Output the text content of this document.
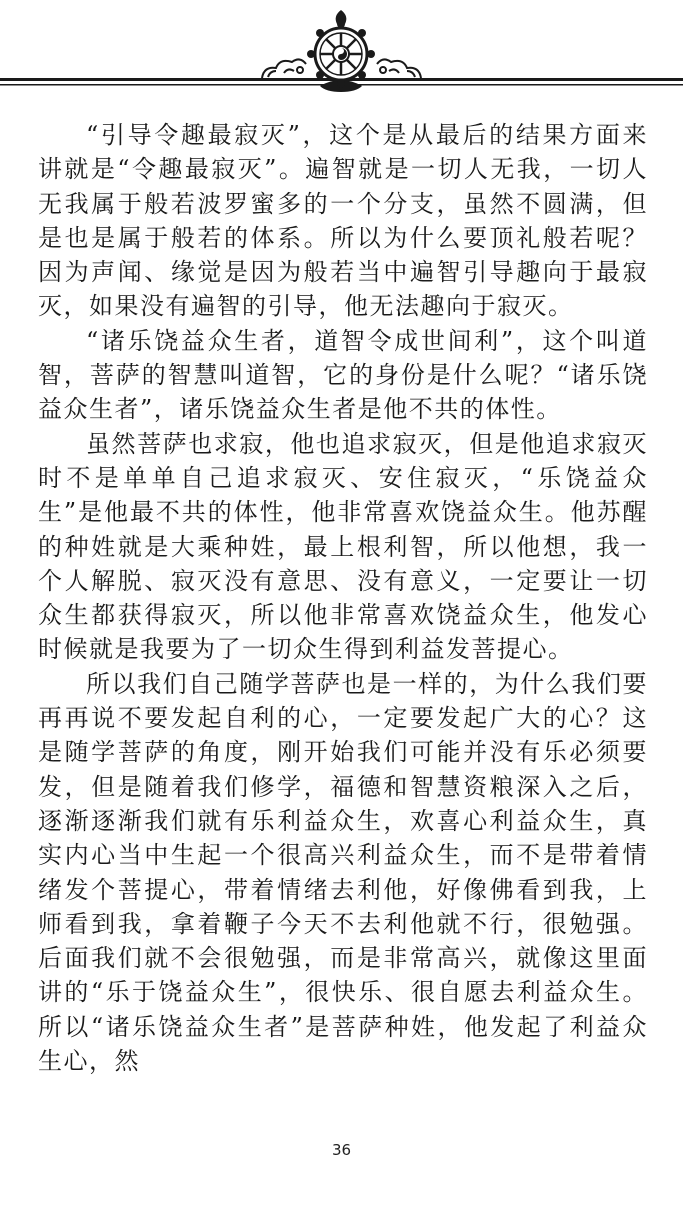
“引导令趣最寂灭”，这个是从最后的结果方面来讲就是“令趣最寂灭”。遍智就是一切人无我，一切人无我属于般若波罗蜜多的一个分支，虽然不圆满，但是也是属于般若的体系。所以为什么要顶礼般若呢？因为声闻、缘觉是因为般若当中遍智引导趣向于最寂灭，如果没有遍智的引导，他无法趣向于寂灭。

“诸乐饶益众生者，道智令成世间利”，这个叫道智，菩萨的智慧叫道智，它的身份是什么呢？“诸乐饶益众生者”，诸乐饶益众生者是他不共的体性。

虽然菩萨也求寂，他也追求寂灭，但是他追求寂灭时不是单单自己追求寂灭、安住寂灭，“乐饶益众生”是他最不共的体性，他非常喜欢饶益众生。他苏醒的种姓就是大乘种姓，最上根利智，所以他想，我一个人解脱、寂灭没有意思、没有意义，一定要让一切众生都获得寂灭，所以他非常喜欢饶益众生，他发心时候就是我要为了一切众生得到利益发菩提心。

所以我们自己随学菩萨也是一样的，为什么我们要再再说不要发起自利的心，一定要发起广大的心？这是随学菩萨的角度，刚开始我们可能并没有乐必须要发，但是随着我们修学，福德和智慧资粮深入之后，逐渐逐渐我们就有乐利益众生，欢喜心利益众生，真实内心当中生起一个很高兴利益众生，而不是带着情绪发个菩提心，带着情绪去利他，好像佛看到我，上师看到我，拿着鞭子今天不去利他就不行，很勉强。后面我们就不会很勉强，而是非常高兴，就像这里面讲的“乐于饶益众生”，很快乐、很自愿去利益众生。所以“诸乐饶益众生者”是菩萨种姓，他发起了利益众生心，然

36
